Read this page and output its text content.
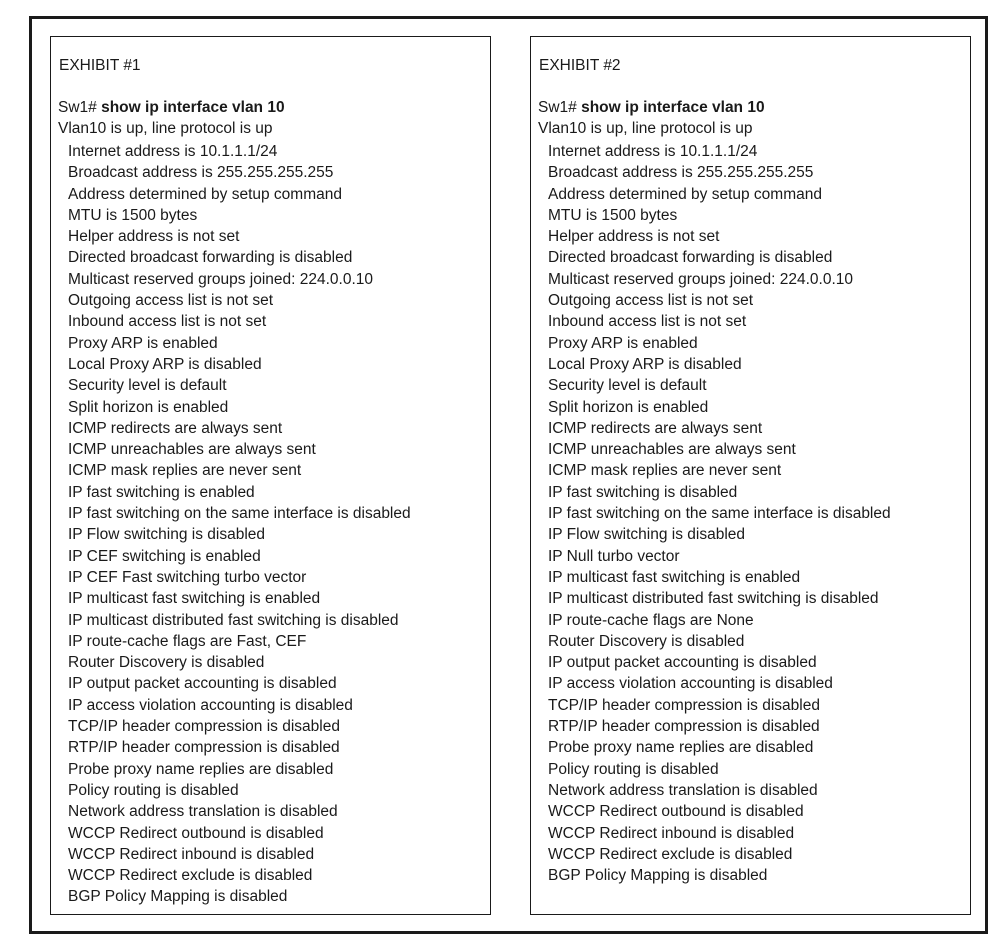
EXHIBIT #1
Sw1# show ip interface vlan 10
Vlan10 is up, line protocol is up
Internet address is 10.1.1.1/24
Broadcast address is 255.255.255.255
Address determined by setup command
MTU is 1500 bytes
Helper address is not set
Directed broadcast forwarding is disabled
Multicast reserved groups joined: 224.0.0.10
Outgoing access list is not set
Inbound access list is not set
Proxy ARP is enabled
Local Proxy ARP is disabled
Security level is default
Split horizon is enabled
ICMP redirects are always sent
ICMP unreachables are always sent
ICMP mask replies are never sent
IP fast switching is enabled
IP fast switching on the same interface is disabled
IP Flow switching is disabled
IP CEF switching is enabled
IP CEF Fast switching turbo vector
IP multicast fast switching is enabled
IP multicast distributed fast switching is disabled
IP route-cache flags are Fast, CEF
Router Discovery is disabled
IP output packet accounting is disabled
IP access violation accounting is disabled
TCP/IP header compression is disabled
RTP/IP header compression is disabled
Probe proxy name replies are disabled
Policy routing is disabled
Network address translation is disabled
WCCP Redirect outbound is disabled
WCCP Redirect inbound is disabled
WCCP Redirect exclude is disabled
BGP Policy Mapping is disabled
EXHIBIT #2
Sw1# show ip interface vlan 10
Vlan10 is up, line protocol is up
Internet address is 10.1.1.1/24
Broadcast address is 255.255.255.255
Address determined by setup command
MTU is 1500 bytes
Helper address is not set
Directed broadcast forwarding is disabled
Multicast reserved groups joined: 224.0.0.10
Outgoing access list is not set
Inbound access list is not set
Proxy ARP is enabled
Local Proxy ARP is disabled
Security level is default
Split horizon is enabled
ICMP redirects are always sent
ICMP unreachables are always sent
ICMP mask replies are never sent
IP fast switching is disabled
IP fast switching on the same interface is disabled
IP Flow switching is disabled
IP Null turbo vector
IP multicast fast switching is enabled
IP multicast distributed fast switching is disabled
IP route-cache flags are None
Router Discovery is disabled
IP output packet accounting is disabled
IP access violation accounting is disabled
TCP/IP header compression is disabled
RTP/IP header compression is disabled
Probe proxy name replies are disabled
Policy routing is disabled
Network address translation is disabled
WCCP Redirect outbound is disabled
WCCP Redirect inbound is disabled
WCCP Redirect exclude is disabled
BGP Policy Mapping is disabled
